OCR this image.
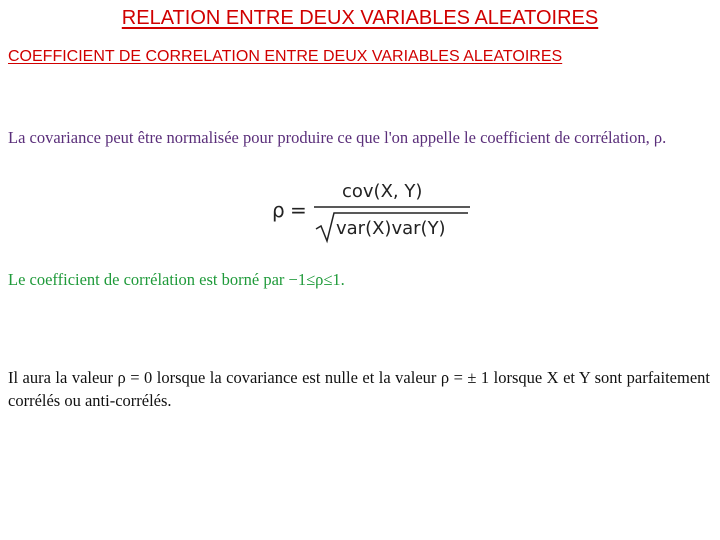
RELATION ENTRE DEUX VARIABLES ALEATOIRES
COEFFICIENT DE CORRELATION ENTRE DEUX VARIABLES ALEATOIRES

La covariance peut être normalisée pour produire ce que l'on appelle le coefficient de corrélation, ρ.

ρ =
cov(X, Y)
var(X)var(Y)

Le coefficient de corrélation est borné par −1≤ρ≤1.

Il aura la valeur ρ = 0 lorsque la covariance est nulle et la valeur ρ = ± 1 lorsque X et Y sont parfaitement corrélés ou anti-corrélés.
